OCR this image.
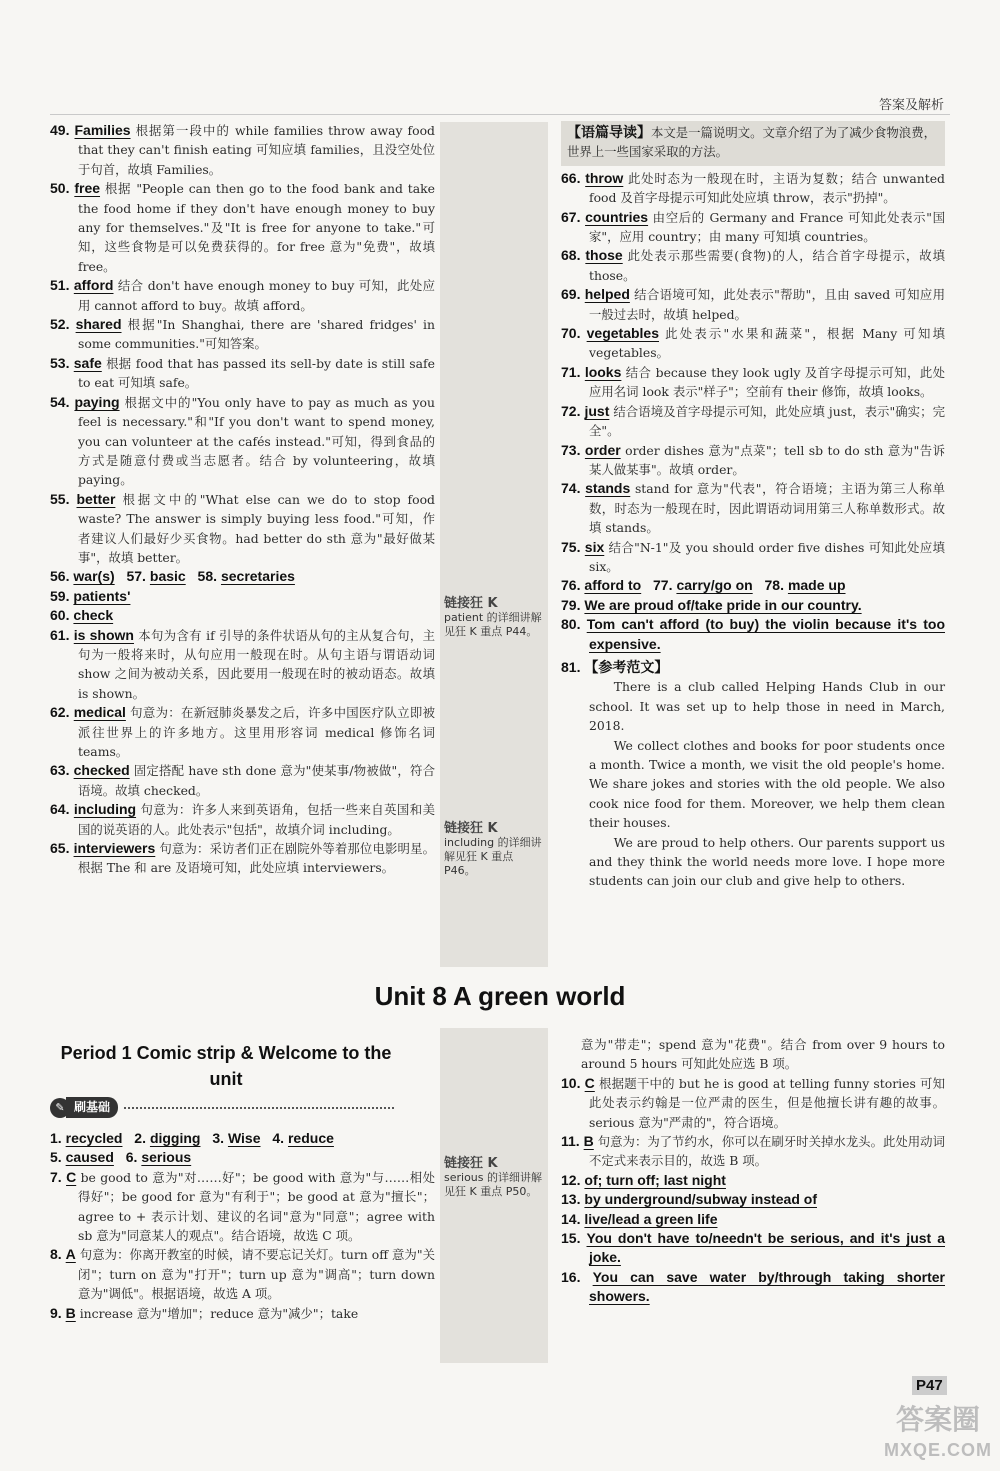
答案及解析

49. Families 根据第一段中的 while families throw away food that they can't finish eating 可知应填 families，且没空处位于句首，故填 Families。

50. free 根据 "People can then go to the food bank and take the food home if they don't have enough money to buy any for themselves."及"It is free for anyone to take."可知，这些食物是可以免费获得的。for free 意为"免费"，故填 free。

51. afford 结合 don't have enough money to buy 可知，此处应用 cannot afford to buy。故填 afford。

52. shared 根据"In Shanghai, there are 'shared fridges' in some communities."可知答案。

53. safe 根据 food that has passed its sell-by date is still safe to eat 可知填 safe。

54. paying 根据文中的"You only have to pay as much as you feel is necessary."和"If you don't want to spend money, you can volunteer at the cafés instead."可知，得到食品的方式是随意付费或当志愿者。结合 by volunteering，故填 paying。

55. better 根据文中的"What else can we do to stop food waste? The answer is simply buying less food."可知，作者建议人们最好少买食物。had better do sth 意为"最好做某事"，故填 better。

56. war(s) 57. basic 58. secretaries

59. patients'

60. check

61. is shown 本句为含有 if 引导的条件状语从句的主从复合句，主句为一般将来时，从句应用一般现在时。从句主语与谓语动词 show 之间为被动关系，因此要用一般现在时的被动语态。故填 is shown。

62. medical 句意为：在新冠肺炎暴发之后，许多中国医疗队立即被派往世界上的许多地方。这里用形容词 medical 修饰名词 teams。

63. checked 固定搭配 have sth done 意为"使某事/物被做"，符合语境。故填 checked。

64. including 句意为：许多人来到英语角，包括一些来自英国和美国的说英语的人。此处表示"包括"，故填介词 including。

65. interviewers 句意为：采访者们正在剧院外等着那位电影明星。根据 The 和 are 及语境可知，此处应填 interviewers。

链接狂 K
patient 的详细讲解见狂 K 重点 P44。
链接狂 K
including 的详细讲解见狂 K 重点 P46。
【语篇导读】本文是一篇说明文。文章介绍了为了减少食物浪费，世界上一些国家采取的方法。

66. throw 此处时态为一般现在时，主语为复数；结合 unwanted food 及首字母提示可知此处应填 throw，表示"扔掉"。

67. countries 由空后的 Germany and France 可知此处表示"国家"，应用 country；由 many 可知填 countries。

68. those 此处表示那些需要(食物)的人，结合首字母提示，故填 those。

69. helped 结合语境可知，此处表示"帮助"，且由 saved 可知应用一般过去时，故填 helped。

70. vegetables 此处表示"水果和蔬菜"，根据 Many 可知填 vegetables。

71. looks 结合 because they look ugly 及首字母提示可知，此处应用名词 look 表示"样子"；空前有 their 修饰，故填 looks。

72. just 结合语境及首字母提示可知，此处应填 just，表示"确实；完全"。

73. order order dishes 意为"点菜"；tell sb to do sth 意为"告诉某人做某事"。故填 order。

74. stands stand for 意为"代表"，符合语境；主语为第三人称单数，时态为一般现在时，因此谓语动词用第三人称单数形式。故填 stands。

75. six 结合"N-1"及 you should order five dishes 可知此处应填 six。

76. afford to 77. carry/go on 78. made up

79. We are proud of/take pride in our country.

80. Tom can't afford (to buy) the violin because it's too expensive.

81. 【参考范文】

There is a club called Helping Hands Club in our school. It was set up to help those in need in March, 2018.

We collect clothes and books for poor students once a month. Twice a month, we visit the old people's home. We share jokes and stories with the old people. We also cook nice food for them. Moreover, we help them clean their houses.

We are proud to help others. Our parents support us and they think the world needs more love. I hope more students can join our club and give help to others.

Unit 8 A green world
Period 1 Comic strip & Welcome to the unit
✎ 刷基础

1. recycled 2. digging 3. Wise 4. reduce

5. caused 6. serious

7. C be good to 意为"对……好"；be good with 意为"与……相处得好"；be good for 意为"有利于"；be good at 意为"擅长"；agree to + 表示计划、建议的名词"意为"同意"；agree with sb 意为"同意某人的观点"。结合语境，故选 C 项。

8. A 句意为：你离开教室的时候，请不要忘记关灯。turn off 意为"关闭"；turn on 意为"打开"；turn up 意为"调高"；turn down 意为"调低"。根据语境，故选 A 项。

9. B increase 意为"增加"；reduce 意为"减少"；take

链接狂 K
serious 的详细讲解见狂 K 重点 P50。

意为"带走"；spend 意为"花费"。结合 from over 9 hours to around 5 hours 可知此处应选 B 项。

10. C 根据题干中的 but he is good at telling funny stories 可知此处表示约翰是一位严肃的医生，但是他擅长讲有趣的故事。serious 意为"严肃的"，符合语境。

11. B 句意为：为了节约水，你可以在刷牙时关掉水龙头。此处用动词不定式来表示目的，故选 B 项。

12. of; turn off; last night

13. by underground/subway instead of

14. live/lead a green life

15. You don't have to/needn't be serious, and it's just a joke.

16. You can save water by/through taking shorter showers.

P47
答案圈
MXQE.COM
